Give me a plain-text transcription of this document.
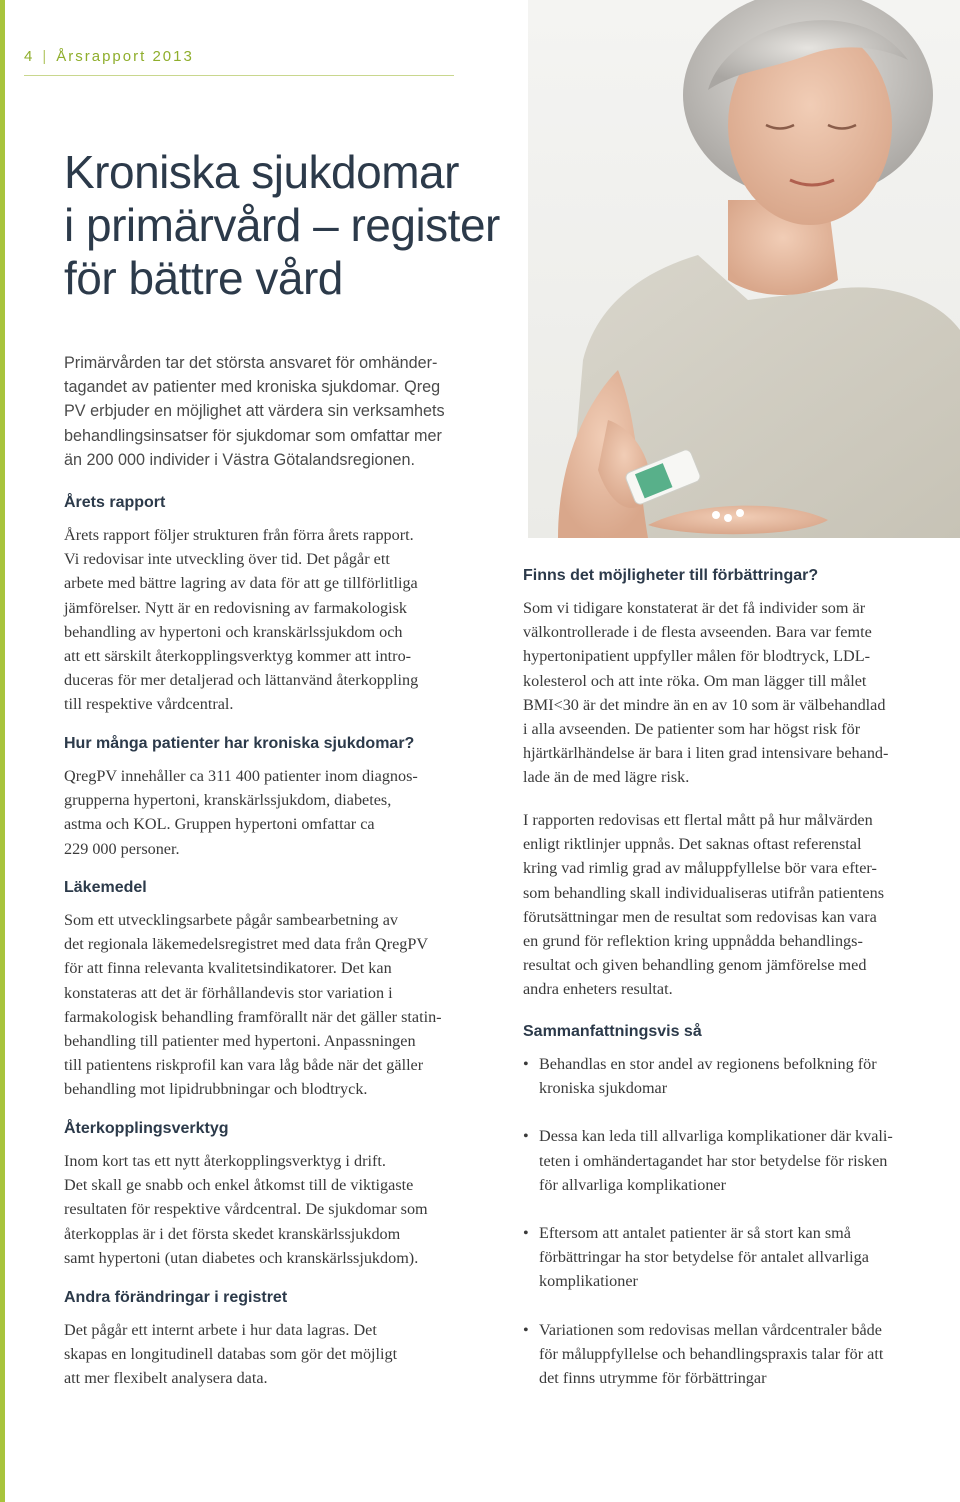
4 | Årsrapport 2013
Kroniska sjukdomar
i primärvård – register
för bättre vård
Primärvården tar det största ansvaret för omhänder-
tagandet av patienter med kroniska sjukdomar. Qreg
PV erbjuder en möjlighet att värdera sin verksamhets
behandlingsinsatser för sjukdomar som omfattar mer
än 200 000 individer i Västra Götalandsregionen.
Årets rapport

Årets rapport följer strukturen från förra årets rapport.
Vi redovisar inte utveckling över tid. Det pågår ett
arbete med bättre lagring av data för att ge tillförlitliga
jämförelser. Nytt är en redovisning av farmakologisk
behandling av hypertoni och kranskärlssjukdom och
att ett särskilt återkopplingsverktyg kommer att intro-
duceras för mer detaljerad och lättanvänd återkoppling
till respektive vårdcentral.

Hur många patienter har kroniska sjukdomar?

QregPV innehåller ca 311 400 patienter inom diagnos-
grupperna hypertoni, kranskärlssjukdom, diabetes,
astma och KOL. Gruppen hypertoni omfattar ca
229 000 personer.

Läkemedel

Som ett utvecklingsarbete pågår sambearbetning av
det regionala läkemedelsregistret med data från QregPV
för att finna relevanta kvalitetsindikatorer. Det kan
konstateras att det är förhållandevis stor variation i
farmakologisk behandling framförallt när det gäller statin-
behandling till patienter med hypertoni. Anpassningen
till patientens riskprofil kan vara låg både när det gäller
behandling mot lipidrubbningar och blodtryck.

Återkopplingsverktyg

Inom kort tas ett nytt återkopplingsverktyg i drift.
Det skall ge snabb och enkel åtkomst till de viktigaste
resultaten för respektive vårdcentral. De sjukdomar som
återkopplas är i det första skedet kranskärlssjukdom
samt hypertoni (utan diabetes och kranskärlssjukdom).

Andra förändringar i registret

Det pågår ett internt arbete i hur data lagras. Det
skapas en longitudinell databas som gör det möjligt
att mer flexibelt analysera data.

Finns det möjligheter till förbättringar?

Som vi tidigare konstaterat är det få individer som är
välkontrollerade i de flesta avseenden. Bara var femte
hypertonipatient uppfyller målen för blodtryck, LDL-
kolesterol och att inte röka. Om man lägger till målet
BMI<30 är det mindre än en av 10 som är välbehandlad
i alla avseenden. De patienter som har högst risk för
hjärtkärlhändelse är bara i liten grad intensivare behand-
lade än de med lägre risk.

I rapporten redovisas ett flertal mått på hur målvärden
enligt riktlinjer uppnås. Det saknas oftast referenstal
kring vad rimlig grad av måluppfyllelse bör vara efter-
som behandling skall individualiseras utifrån patientens
förutsättningar men de resultat som redovisas kan vara
en grund för reflektion kring uppnådda behandlings-
resultat och given behandling genom jämförelse med
andra enheters resultat.

Sammanfattningsvis så
• Behandlas en stor andel av regionens befolkning för
kroniska sjukdomar
• Dessa kan leda till allvarliga komplikationer där kvali-
teten i omhändertagandet har stor betydelse för risken
för allvarliga komplikationer
• Eftersom att antalet patienter är så stort kan små
förbättringar ha stor betydelse för antalet allvarliga
komplikationer
• Variationen som redovisas mellan vårdcentraler både
för måluppfyllelse och behandlingspraxis talar för att
det finns utrymme för förbättringar
